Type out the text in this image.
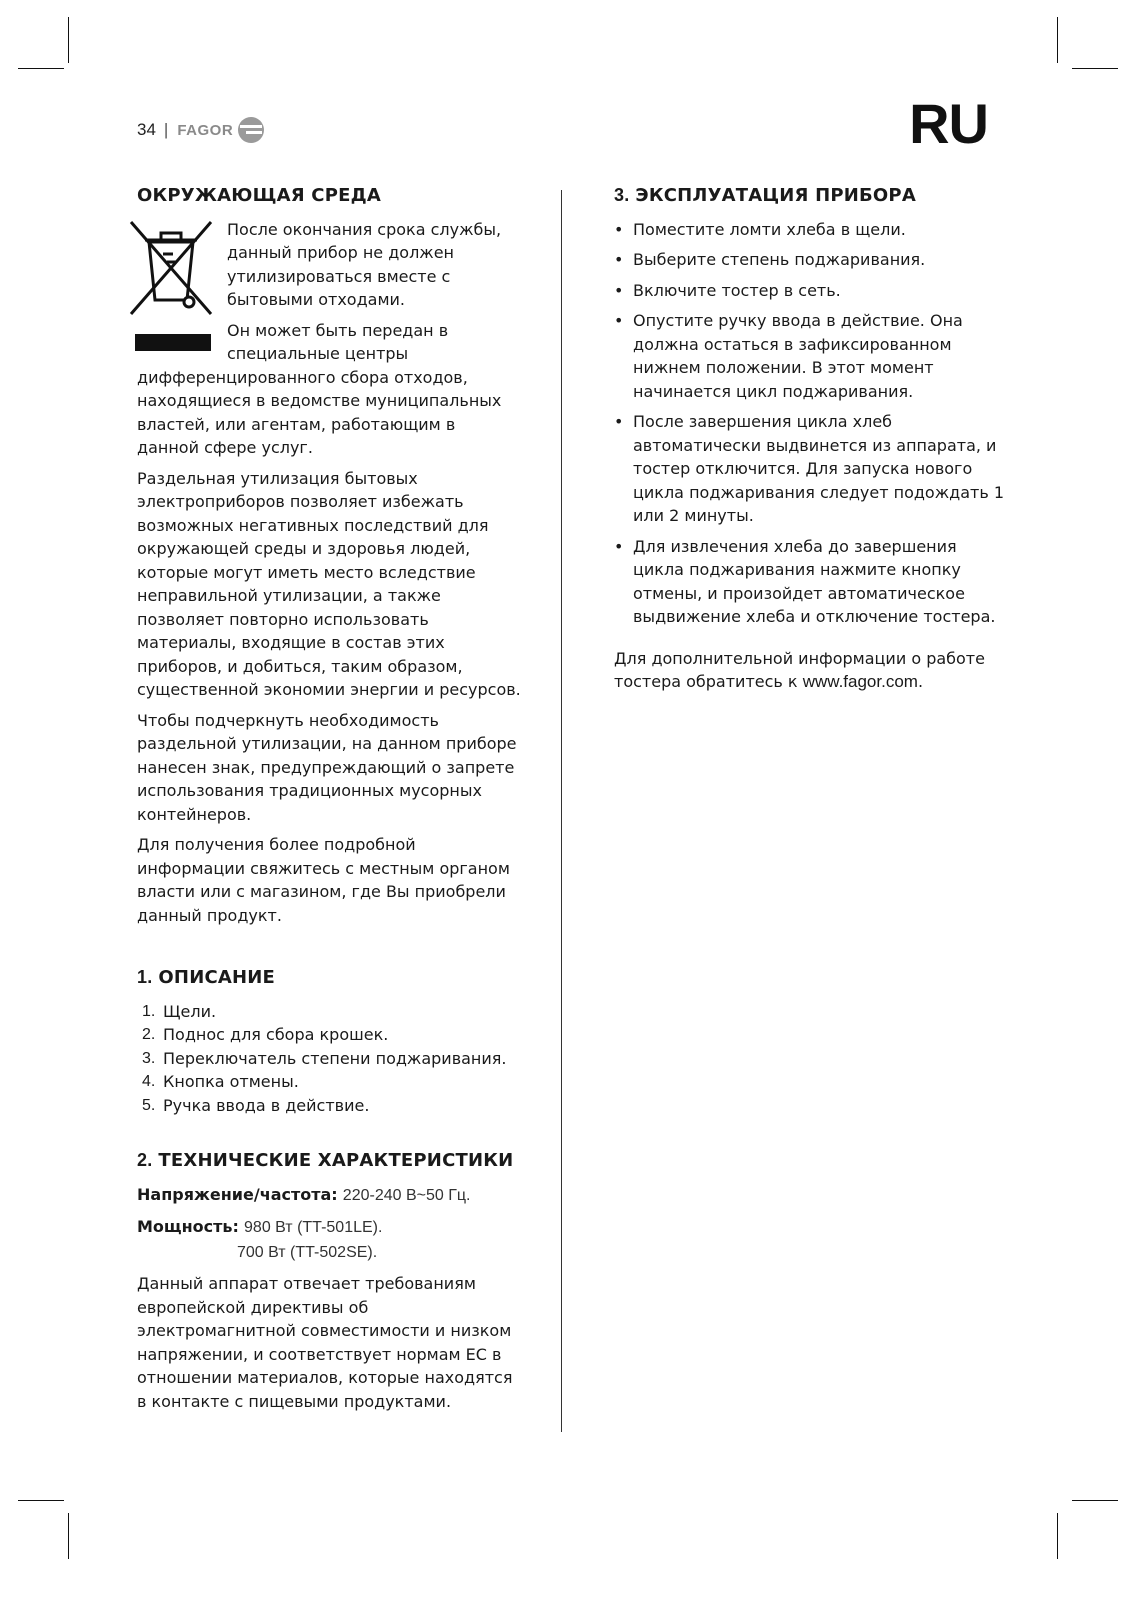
34 | FAGOR	RU
ОКРУЖАЮЩАЯ СРЕДА

После окончания срока службы, данный прибор не должен утилизироваться вместе с бытовыми отходами.

Он может быть передан в специальные центры дифференцированного сбора отходов, находящиеся в ведомстве муниципальных властей, или агентам, работающим в данной сфере услуг.

Раздельная утилизация бытовых электроприборов позволяет избежать возможных негативных последствий для окружающей среды и здоровья людей, которые могут иметь место вследствие неправильной утилизации, а также позволяет повторно использовать материалы, входящие в состав этих приборов, и добиться, таким образом, существенной экономии энергии и ресурсов.

Чтобы подчеркнуть необходимость раздельной утилизации, на данном приборе нанесен знак, предупреждающий о запрете использования традиционных мусорных контейнеров.

Для получения более подробной информации свяжитесь с местным органом власти или с магазином, где Вы приобрели данный продукт.

1. ОПИСАНИЕ
1. Щели.
2. Поднос для сбора крошек.
3. Переключатель степени поджаривания.
4. Кнопка отмены.
5. Ручка ввода в действие.
2. ТЕХНИЧЕСКИЕ ХАРАКТЕРИСТИКИ
Напряжение/частота: 220-240 В~50 Гц.
Мощность: 980 Вт (TT-501LE).
700 Вт (TT-502SE).

Данный аппарат отвечает требованиям европейской директивы об электромагнитной совместимости и низком напряжении, и соответствует нормам ЕС в отношении материалов, которые находятся в контакте с пищевыми продуктами.

3. ЭКСПЛУАТАЦИЯ ПРИБОРА
• Поместите ломти хлеба в щели.
• Выберите степень поджаривания.
• Включите тостер в сеть.
• Опустите ручку ввода в действие. Она должна остаться в зафиксированном нижнем положении. В этот момент начинается цикл поджаривания.
• После завершения цикла хлеб автоматически выдвинется из аппарата, и тостер отключится. Для запуска нового цикла поджаривания следует подождать 1 или 2 минуты.
• Для извлечения хлеба до завершения цикла поджаривания нажмите кнопку отмены, и произойдет автоматическое выдвижение хлеба и отключение тостера.

Для дополнительной информации о работе тостера обратитесь к www.fagor.com.
